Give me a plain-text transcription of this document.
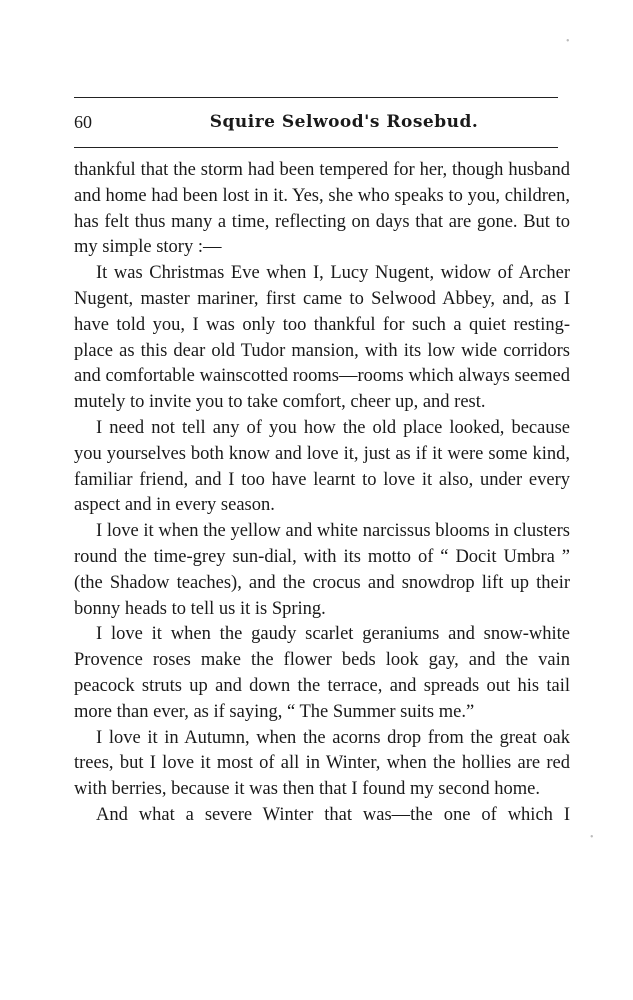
60	Squire Selwood's Rosebud.

thankful that the storm had been tempered for her, though husband and home had been lost in it. Yes, she who speaks to you, children, has felt thus many a time, reflecting on days that are gone. But to my simple story :—

It was Christmas Eve when I, Lucy Nugent, widow of Archer Nugent, master mariner, first came to Selwood Abbey, and, as I have told you, I was only too thankful for such a quiet resting-place as this dear old Tudor mansion, with its low wide corridors and comfortable wainscotted rooms—rooms which always seemed mutely to invite you to take comfort, cheer up, and rest.

I need not tell any of you how the old place looked, because you yourselves both know and love it, just as if it were some kind, familiar friend, and I too have learnt to love it also, under every aspect and in every season.

I love it when the yellow and white narcissus blooms in clusters round the time-grey sun-dial, with its motto of “ Docit Umbra ” (the Shadow teaches), and the crocus and snowdrop lift up their bonny heads to tell us it is Spring.

I love it when the gaudy scarlet geraniums and snow-white Provence roses make the flower beds look gay, and the vain peacock struts up and down the terrace, and spreads out his tail more than ever, as if saying, “ The Summer suits me.”

I love it in Autumn, when the acorns drop from the great oak trees, but I love it most of all in Winter, when the hollies are red with berries, because it was then that I found my second home.

And what a severe Winter that was—the one of which I

•
•
